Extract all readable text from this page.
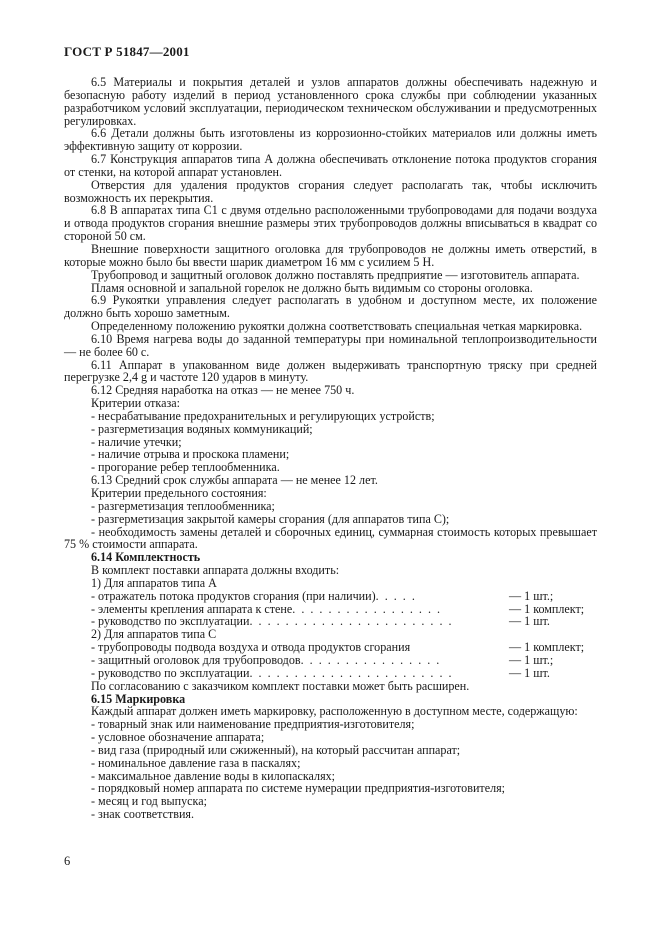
ГОСТ Р 51847—2001

6.5 Материалы и покрытия деталей и узлов аппаратов должны обеспечивать надежную и безопасную работу изделий в период установленного срока службы при соблюдении указанных разработчиком условий эксплуатации, периодическом техническом обслуживании и предусмотренных регулировках.

6.6 Детали должны быть изготовлены из коррозионно-стойких материалов или должны иметь эффективную защиту от коррозии.

6.7 Конструкция аппаратов типа А должна обеспечивать отклонение потока продуктов сгорания от стенки, на которой аппарат установлен.

Отверстия для удаления продуктов сгорания следует располагать так, чтобы исключить возможность их перекрытия.

6.8 В аппаратах типа С1 с двумя отдельно расположенными трубопроводами для подачи воздуха и отвода продуктов сгорания внешние размеры этих трубопроводов должны вписываться в квадрат со стороной 50 см.

Внешние поверхности защитного оголовка для трубопроводов не должны иметь отверстий, в которые можно было бы ввести шарик диаметром 16 мм с усилием 5 Н.

Трубопровод и защитный оголовок должно поставлять предприятие — изготовитель аппарата.

Пламя основной и запальной горелок не должно быть видимым со стороны оголовка.

6.9 Рукоятки управления следует располагать в удобном и доступном месте, их положение должно быть хорошо заметным.

Определенному положению рукоятки должна соответствовать специальная четкая маркировка.

6.10 Время нагрева воды до заданной температуры при номинальной теплопроизводительности — не более 60 с.

6.11 Аппарат в упакованном виде должен выдерживать транспортную тряску при средней перегрузке 2,4 g и частоте 120 ударов в минуту.

6.12 Средняя наработка на отказ — не менее 750 ч.

Критерии отказа:

- несрабатывание предохранительных и регулирующих устройств;

- разгерметизация водяных коммуникаций;

- наличие утечки;

- наличие отрыва и проскока пламени;

- прогорание ребер теплообменника.

6.13 Средний срок службы аппарата — не менее 12 лет.

Критерии предельного состояния:

- разгерметизация теплообменника;

- разгерметизация закрытой камеры сгорания (для аппаратов типа С);

- необходимость замены деталей и сборочных единиц, суммарная стоимость которых превышает 75 % стоимости аппарата.

6.14 Комплектность

В комплект поставки аппарата должны входить:

1) Для аппаратов типа А

- отражатель потока продуктов сгорания (при наличии) . . . . .	— 1 шт.;
- элементы крепления аппарата к стене . . . . . . . . . . . . . . . . .	— 1 комплект;
- руководство по эксплуатации . . . . . . . . . . . . . . . . . . . . . . .	— 1 шт.

2) Для аппаратов типа С

- трубопроводы подвода воздуха и отвода продуктов сгорания	— 1 комплект;
- защитный оголовок для трубопроводов . . . . . . . . . . . . . . . .	— 1 шт.;
- руководство по эксплуатации . . . . . . . . . . . . . . . . . . . . . . .	— 1 шт.

По согласованию с заказчиком комплект поставки может быть расширен.

6.15 Маркировка

Каждый аппарат должен иметь маркировку, расположенную в доступном месте, содержащую:

- товарный знак или наименование предприятия-изготовителя;

- условное обозначение аппарата;

- вид газа (природный или сжиженный), на который рассчитан аппарат;

- номинальное давление газа в паскалях;

- максимальное давление воды в килопаскалях;

- порядковый номер аппарата по системе нумерации предприятия-изготовителя;

- месяц и год выпуска;

- знак соответствия.

6
